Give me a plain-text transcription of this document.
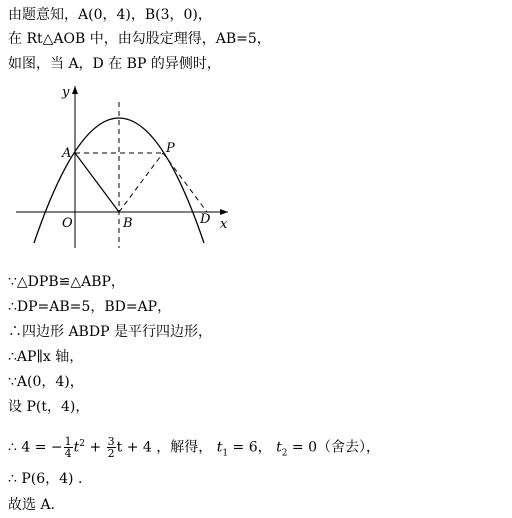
由题意知，A(0，4)，B(3，0)，
在 Rt△AOB 中，由勾股定理得，AB=5，
如图，当 A，D 在 BP 的异侧时，
y
x
A	P
O	B	D
∵△DPB≌△ABP，
∴DP=AB=5，BD=AP，
∴四边形 ABDP 是平行四边形，
∴AP∥x 轴，
∵A(0，4)，
设 P(t，4)，
∴ 4 = − $\frac{1}{4} t^2 + \frac{3}{2}$ t + 4 ，解得， $t_1 = 6$， $t_2 = 0$（舍去），
∴ P(6，4) .
故选 A.
